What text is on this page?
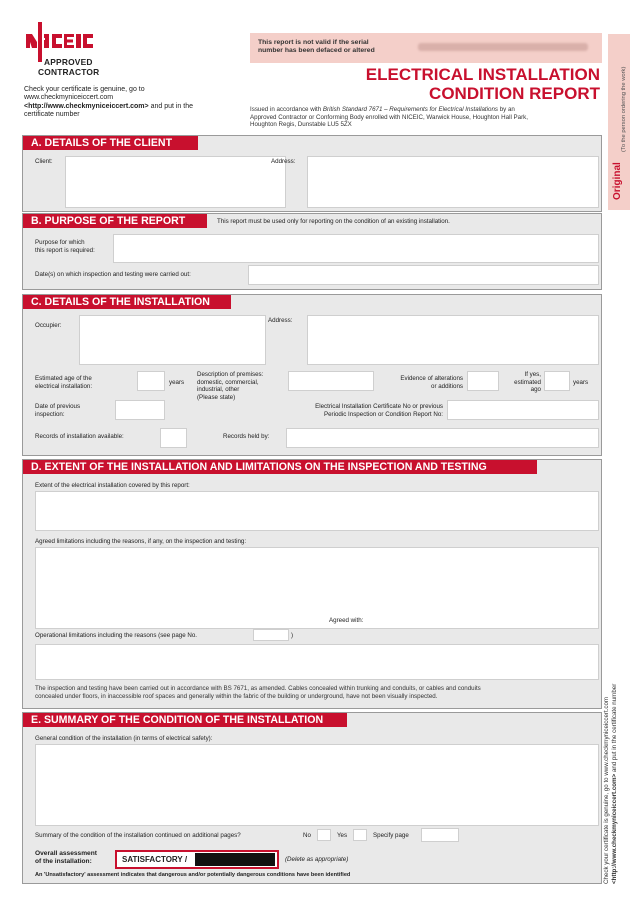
APPROVED
CONTRACTOR
Check your certificate is genuine, go to
www.checkmyniceiccert.com
<http://www.checkmyniceiccert.com> and put in the
certificate number
This report is not valid if the serial
number has been defaced or altered
ELECTRICAL INSTALLATION
CONDITION REPORT
Issued in accordance with British Standard 7671 – Requirements for Electrical Installations by an
Approved Contractor or Conforming Body enrolled with NICEIC, Warwick House, Houghton Hall Park,
Houghton Regis, Dunstable LU5 5ZX
Original
(To the person ordering the work)
Check your certificate is genuine, go to www.checkmyniceiccert.com <http://www.checkmyniceiccert.com> and put in the certificate number
A. DETAILS OF THE CLIENT
Client:	Address:
B. PURPOSE OF THE REPORT	This report must be used only for reporting on the condition of an existing installation.
Purpose for which
this report is required:
Date(s) on which inspection and testing were carried out:
C. DETAILS OF THE INSTALLATION
Occupier:
Address:
Estimated age of the
electrical installation:
years
Description of premises:
domestic, commercial,
industrial, other
(Please state)
Evidence of alterations
or additions
If yes,
estimated
ago
years
Date of previous
inspection:
Electrical Installation Certificate No or previous
Periodic Inspection or Condition Report No:
Records of installation available:	Records held by:
D. EXTENT OF THE INSTALLATION AND LIMITATIONS ON THE INSPECTION AND TESTING
Extent of the electrical installation covered by this report:
Agreed limitations including the reasons, if any, on the inspection and testing:
Agreed with:
Operational limitations including the reasons (see page No.	)
The inspection and testing have been carried out in accordance with BS 7671, as amended. Cables concealed within trunking and conduits, or cables and conduits
concealed under floors, in inaccessible roof spaces and generally within the fabric of the building or underground, have not been visually inspected.
E. SUMMARY OF THE CONDITION OF THE INSTALLATION
General condition of the installation (in terms of electrical safety):
Summary of the condition of the installation continued on additional pages?	No	Yes	Specify page
Overall assessment
of the installation:	SATISFACTORY /	(Delete as appropriate)
An 'Unsatisfactory' assessment indicates that dangerous and/or potentially dangerous conditions have been identified
